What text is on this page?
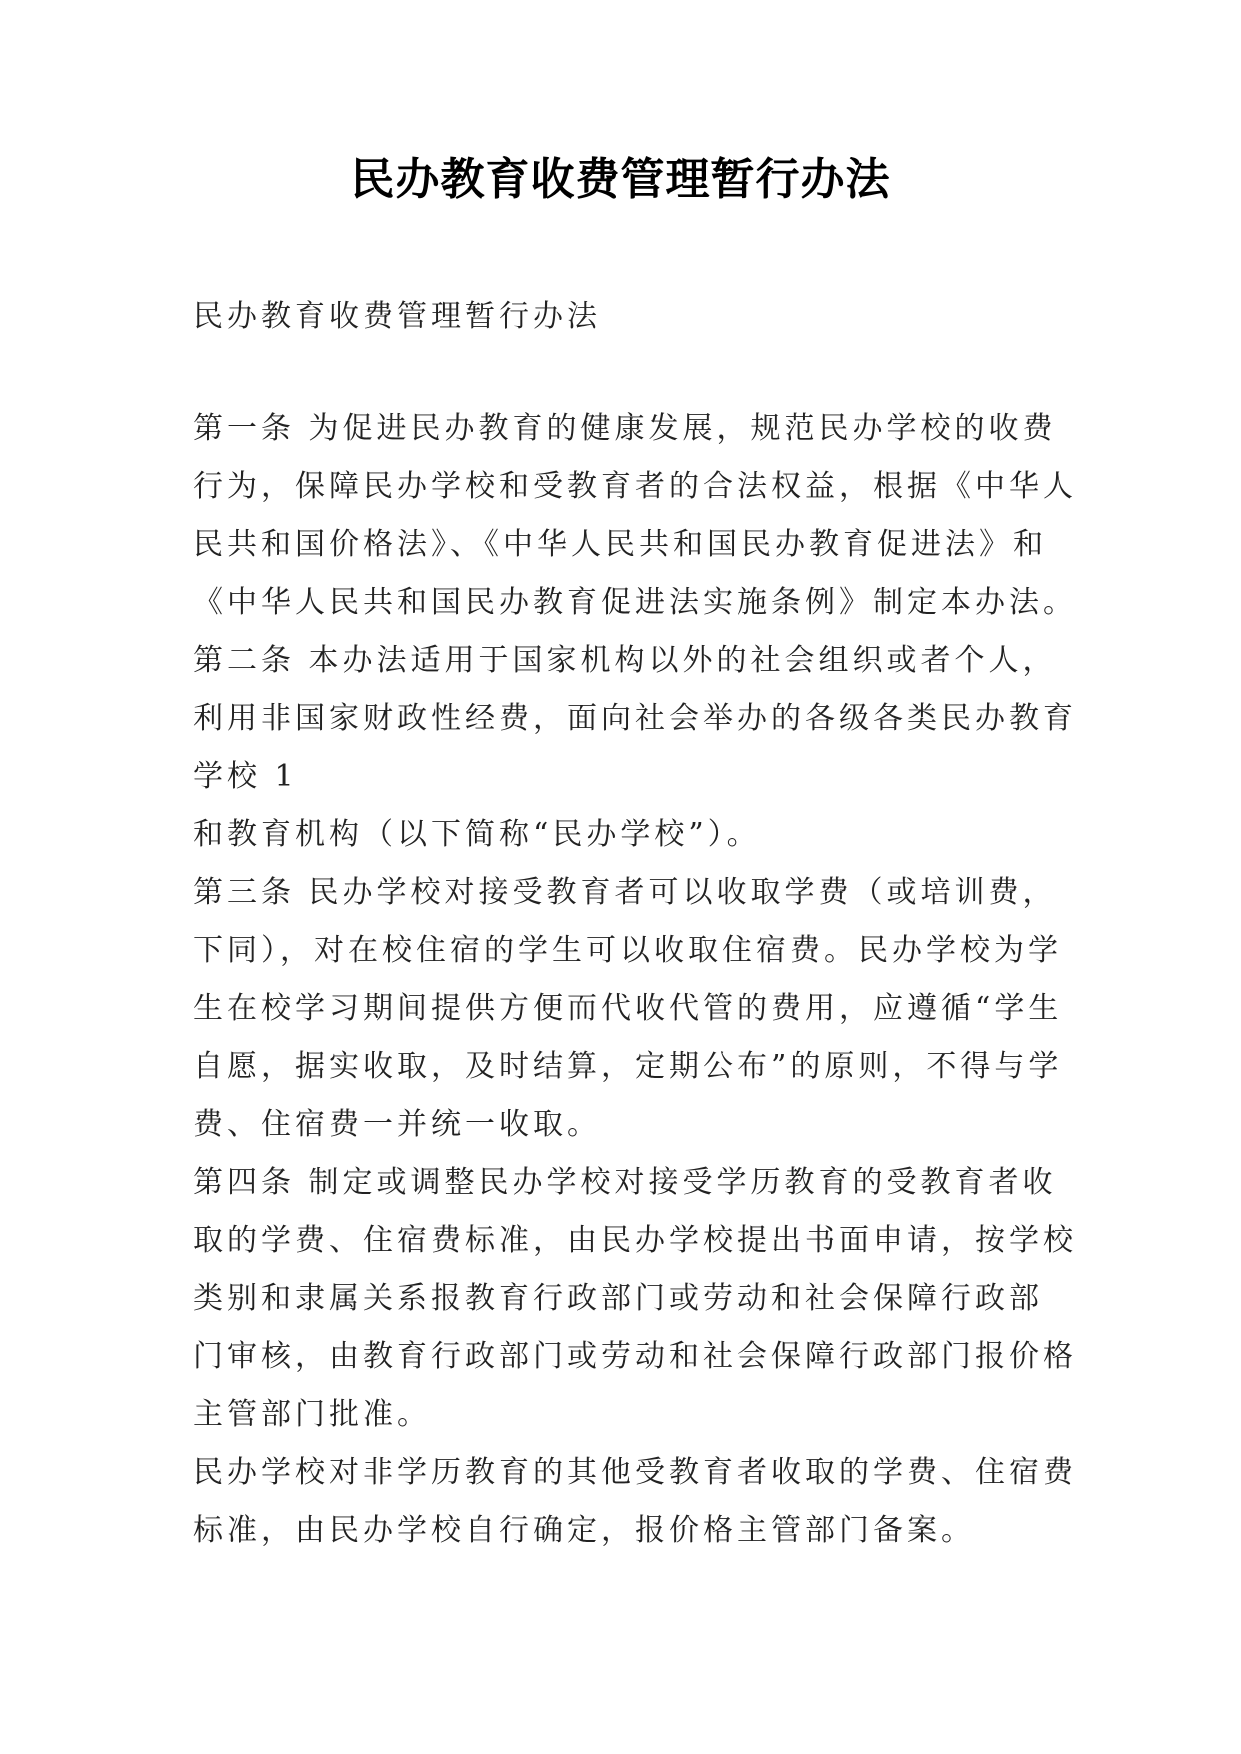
民办教育收费管理暂行办法
民办教育收费管理暂行办法
第一条 为促进民办教育的健康发展，规范民办学校的收费
行为，保障民办学校和受教育者的合法权益，根据《中华人
民共和国价格法》、《中华人民共和国民办教育促进法》和
《中华人民共和国民办教育促进法实施条例》制定本办法。
第二条 本办法适用于国家机构以外的社会组织或者个人，
利用非国家财政性经费，面向社会举办的各级各类民办教育
学校 1
和教育机构（以下简称“民办学校”）。
第三条 民办学校对接受教育者可以收取学费（或培训费，
下同），对在校住宿的学生可以收取住宿费。民办学校为学
生在校学习期间提供方便而代收代管的费用，应遵循“学生
自愿，据实收取，及时结算，定期公布”的原则，不得与学
费、住宿费一并统一收取。
第四条 制定或调整民办学校对接受学历教育的受教育者收
取的学费、住宿费标准，由民办学校提出书面申请，按学校
类别和隶属关系报教育行政部门或劳动和社会保障行政部
门审核，由教育行政部门或劳动和社会保障行政部门报价格
主管部门批准。
民办学校对非学历教育的其他受教育者收取的学费、住宿费
标准，由民办学校自行确定，报价格主管部门备案。
